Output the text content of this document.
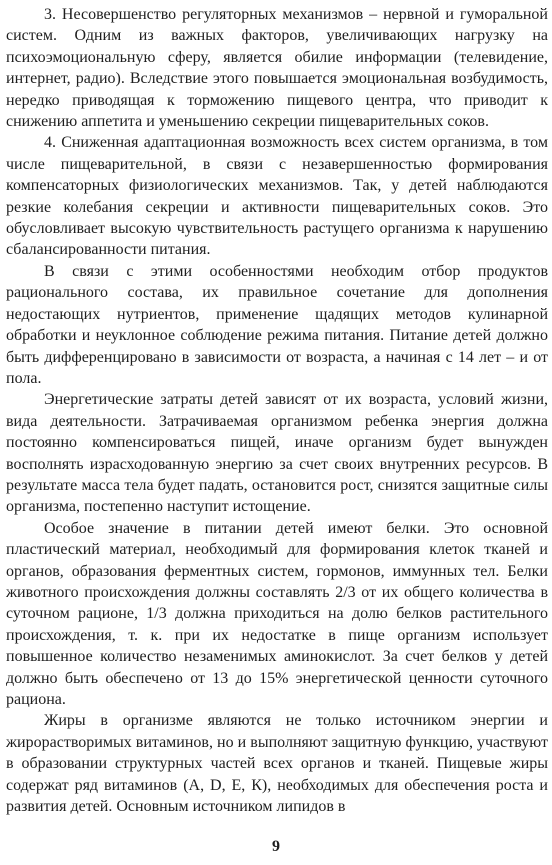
3. Несовершенство регуляторных механизмов – нервной и гуморальной систем. Одним из важных факторов, увеличивающих нагрузку на психоэмоциональную сферу, является обилие информации (телевидение, интернет, радио). Вследствие этого повышается эмоциональная возбудимость, нередко приводящая к торможению пищевого центра, что приводит к снижению аппетита и уменьшению секреции пищеварительных соков.

4. Сниженная адаптационная возможность всех систем организма, в том числе пищеварительной, в связи с незавершенностью формирования компенсаторных физиологических механизмов. Так, у детей наблюдаются резкие колебания секреции и активности пищеварительных соков. Это обусловливает высокую чувствительность растущего организма к нарушению сбалансированности питания.

В связи с этими особенностями необходим отбор продуктов рационального состава, их правильное сочетание для дополнения недостающих нутриентов, применение щадящих методов кулинарной обработки и неуклонное соблюдение режима питания. Питание детей должно быть дифференцировано в зависимости от возраста, а начиная с 14 лет – и от пола.

Энергетические затраты детей зависят от их возраста, условий жизни, вида деятельности. Затрачиваемая организмом ребенка энергия должна постоянно компенсироваться пищей, иначе организм будет вынужден восполнять израсходованную энергию за счет своих внутренних ресурсов. В результате масса тела будет падать, остановится рост, снизятся защитные силы организма, постепенно наступит истощение.

Особое значение в питании детей имеют белки. Это основной пластический материал, необходимый для формирования клеток тканей и органов, образования ферментных систем, гормонов, иммунных тел. Белки животного происхождения должны составлять 2/3 от их общего количества в суточном рационе, 1/3 должна приходиться на долю белков растительного происхождения, т. к. при их недостатке в пище организм использует повышенное количество незаменимых аминокислот. За счет белков у детей должно быть обеспечено от 13 до 15% энергетической ценности суточного рациона.

Жиры в организме являются не только источником энергии и жирорастворимых витаминов, но и выполняют защитную функцию, участвуют в образовании структурных частей всех органов и тканей. Пищевые жиры содержат ряд витаминов (А, D, Е, К), необходимых для обеспечения роста и развития детей. Основным источником липидов в

9
